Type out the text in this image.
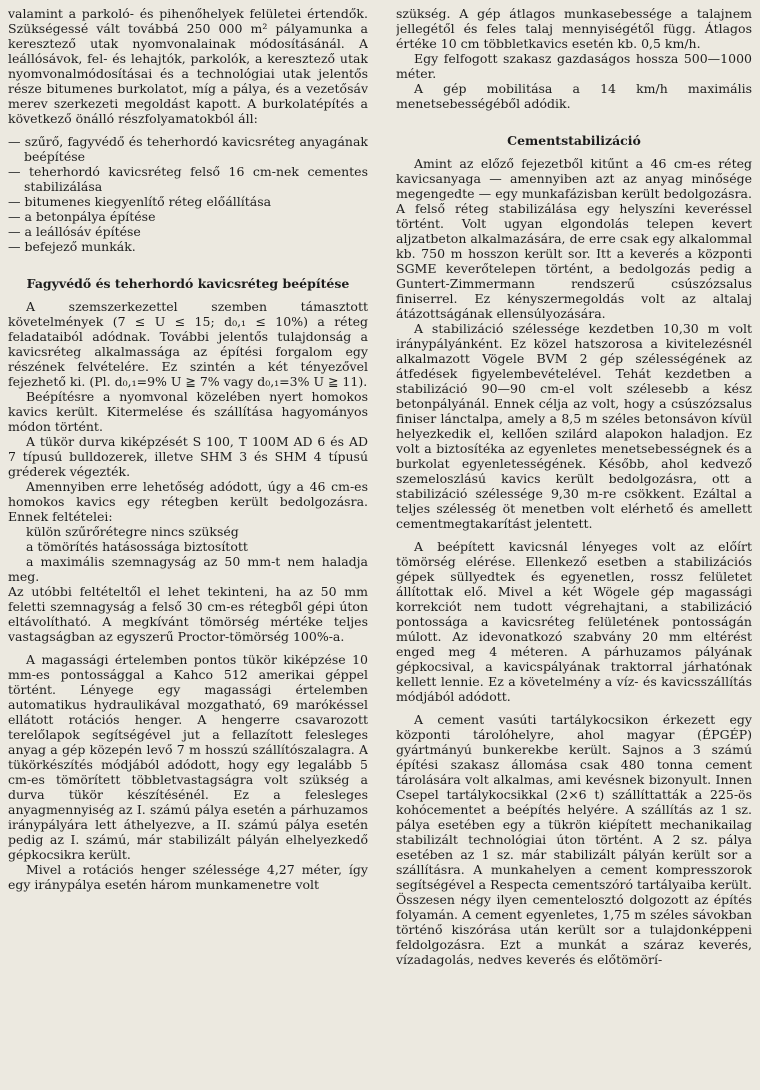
valamint a parkoló- és pihenőhelyek felületei értendők. Szükségessé vált továbbá 250 000 m² pályamunka a keresztező utak nyomvonalainak módosításánál. A leállósávok, fel- és lehajtók, parkolók, a keresztező utak nyomvonalmódosításai és a technológiai utak jelentős része bitumenes burkolatot, míg a pálya, és a vezetősáv merev szerkezeti megoldást kapott. A burkolatépítés a következő önálló részfolyamatokból áll:
— szűrő, fagyvédő és teherhordó kavicsréteg anyagának beépítése
— teherhordó kavicsréteg felső 16 cm-nek cementes stabilizálása
— bitumenes kiegyenlítő réteg előállítása
— a betonpálya építése
— a leállósáv építése
— befejező munkák.
Fagyvédő és teherhordó kavicsréteg beépítése
A szemszerkezettel szemben támasztott követelmények (7 ≤ U ≤ 15; d₀,₁ ≤ 10%) a réteg feladataiból adódnak. További jelentős tulajdonság a kavicsréteg alkalmassága az építési forgalom egy részének felvételére. Ez szintén a két tényezővel fejezhető ki. (Pl. d₀,₁=9% U ≧ 7% vagy d₀,₁=3% U ≧ 11).
Beépítésre a nyomvonal közelében nyert homokos kavics került. Kitermelése és szállítása hagyományos módon történt.
A tükör durva kiképzését S 100, T 100M AD 6 és AD 7 típusú bulldozerek, illetve SHM 3 és SHM 4 típusú gréderek végezték.
Amennyiben erre lehetőség adódott, úgy a 46 cm-es homokos kavics egy rétegben került bedolgozásra. Ennek feltételei:
külön szűrőrétegre nincs szükség
a tömörítés hatásossága biztosított
a maximális szemnagyság az 50 mm-t nem haladja meg.
Az utóbbi feltételtől el lehet tekinteni, ha az 50 mm feletti szemnagyság a felső 30 cm-es rétegből gépi úton eltávolítható. A megkívánt tömörség mértéke teljes vastagságban az egyszerű Proctor-tömörség 100%-a.
A magassági értelemben pontos tükör kiképzése 10 mm-es pontossággal a Kahco 512 amerikai géppel történt. Lényege egy magassági értelemben automatikus hydraulikával mozgatható, 69 marókéssel ellátott rotációs henger. A hengerre csavarozott terelőlapok segítségével jut a fellazított felesleges anyag a gép közepén levő 7 m hosszú szállítószalagra. A tükörkészítés módjából adódott, hogy egy legalább 5 cm-es tömörített többletvastagságra volt szükség a durva tükör készítésénél. Ez a felesleges anyagmennyiség az I. számú pálya esetén a párhuzamos iránypályára lett áthelyezve, a II. számú pálya esetén pedig az I. számú, már stabilizált pályán elhelyezkedő gépkocsikra került.
Mivel a rotációs henger szélessége 4,27 méter, így egy iránypálya esetén három munkamenetre volt
szükség. A gép átlagos munkasebessége a talajnem jellegétől és feles talaj mennyiségétől függ. Átlagos értéke 10 cm többletkavics esetén kb. 0,5 km/h.
Egy felfogott szakasz gazdaságos hossza 500—1000 méter.
A gép mobilitása a 14 km/h maximális menetsebességéből adódik.
Cementstabilizáció
Amint az előző fejezetből kitűnt a 46 cm-es réteg kavicsanyaga — amennyiben azt az anyag minősége megengedte — egy munkafázisban került bedolgozásra. A felső réteg stabilizálása egy helyszíni keveréssel történt. Volt ugyan elgondolás telepen kevert aljzatbeton alkalmazására, de erre csak egy alkalommal kb. 750 m hosszon került sor. Itt a keverés a központi SGME keverőtelepen történt, a bedolgozás pedig a Guntert-Zimmermann rendszerű csúszózsalus finiserrel. Ez kényszermegoldás volt az altalaj átázottságának ellensúlyozására.
A stabilizáció szélessége kezdetben 10,30 m volt iránypályánként. Ez közel hatszorosa a kivitelezésnél alkalmazott Vögele BVM 2 gép szélességének az átfedések figyelembevételével. Tehát kezdetben a stabilizáció 90—90 cm-el volt szélesebb a kész betonpályánál. Ennek célja az volt, hogy a csúszózsalus finiser lánctalpa, amely a 8,5 m széles betonsávon kívül helyezkedik el, kellően szilárd alapokon haladjon. Ez volt a biztosítéka az egyenletes menetsebességnek és a burkolat egyenletességének. Később, ahol kedvező szemeloszlású kavics került bedolgozásra, ott a stabilizáció szélessége 9,30 m-re csökkent. Ezáltal a teljes szélesség öt menetben volt elérhető és amellett cementmegtakarítást jelentett.
A beépített kavicsnál lényeges volt az előírt tömörség elérése. Ellenkező esetben a stabilizációs gépek süllyedtek és egyenetlen, rossz felületet állítottak elő. Mivel a két Wögele gép magassági korrekciót nem tudott végrehajtani, a stabilizáció pontossága a kavicsréteg felületének pontosságán múlott. Az idevonatkozó szabvány 20 mm eltérést enged meg 4 méteren. A párhuzamos pályának gépkocsival, a kavicspályának traktorral járhatónak kellett lennie. Ez a követelmény a víz- és kavicsszállítás módjából adódott.
A cement vasúti tartálykocsikon érkezett egy központi tárolóhelyre, ahol magyar (ÉPGÉP) gyártmányú bunkerekbe került. Sajnos a 3 számú építési szakasz állomása csak 480 tonna cement tárolására volt alkalmas, ami kevésnek bizonyult. Innen Csepel tartálykocsikkal (2×6 t) szállíttatták a 225-ös kohócementet a beépítés helyére. A szállítás az 1 sz. pálya esetében egy a tükrön kiépített mechanikailag stabilizált technológiai úton történt. A 2 sz. pálya esetében az 1 sz. már stabilizált pályán került sor a szállításra. A munkahelyen a cement kompresszorok segítségével a Respecta cementszóró tartályaiba került. Összesen négy ilyen cementelosztó dolgozott az építés folyamán. A cement egyenletes, 1,75 m széles sávokban történő kiszórása után került sor a tulajdonképpeni feldolgozásra. Ezt a munkát a száraz keverés, vízadagolás, nedves keverés és előtömörí-
